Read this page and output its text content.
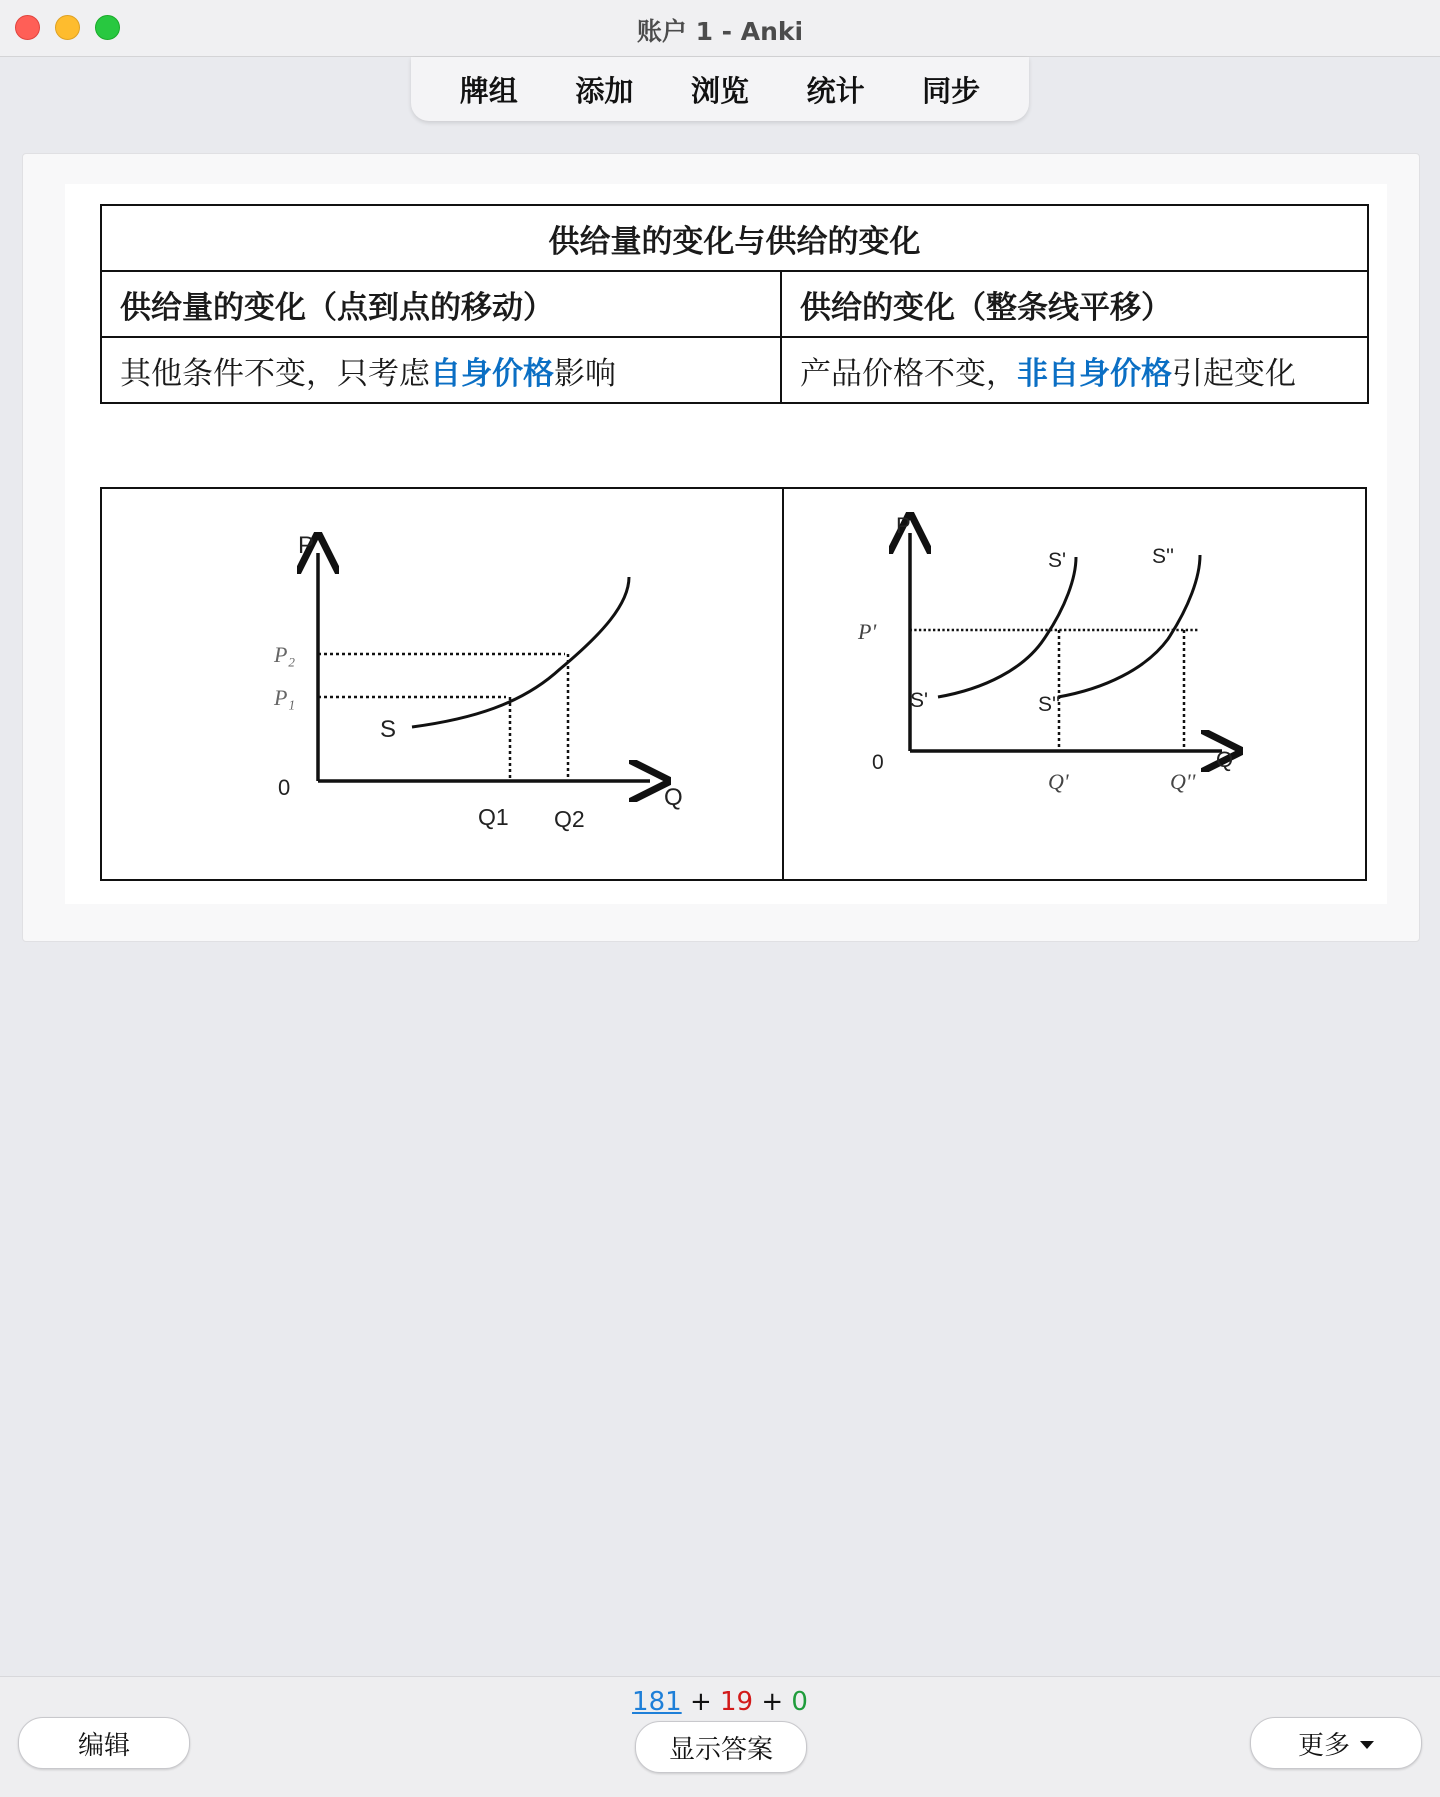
账户 1 - Anki
牌组 添加 浏览 统计 同步
供给量的变化与供给的变化	
供给量的变化（点到点的移动）	供给的变化（整条线平移）
其他条件不变，只考虑自身价格影响	产品价格不变，非自身价格引起变化
P
Q
0
P₂
P₁
S
Q1 Q2
P
Q
0
P'
S'	S''
S'	S''
Q'	Q''
181 + 19 + 0
编辑	显示答案	更多
